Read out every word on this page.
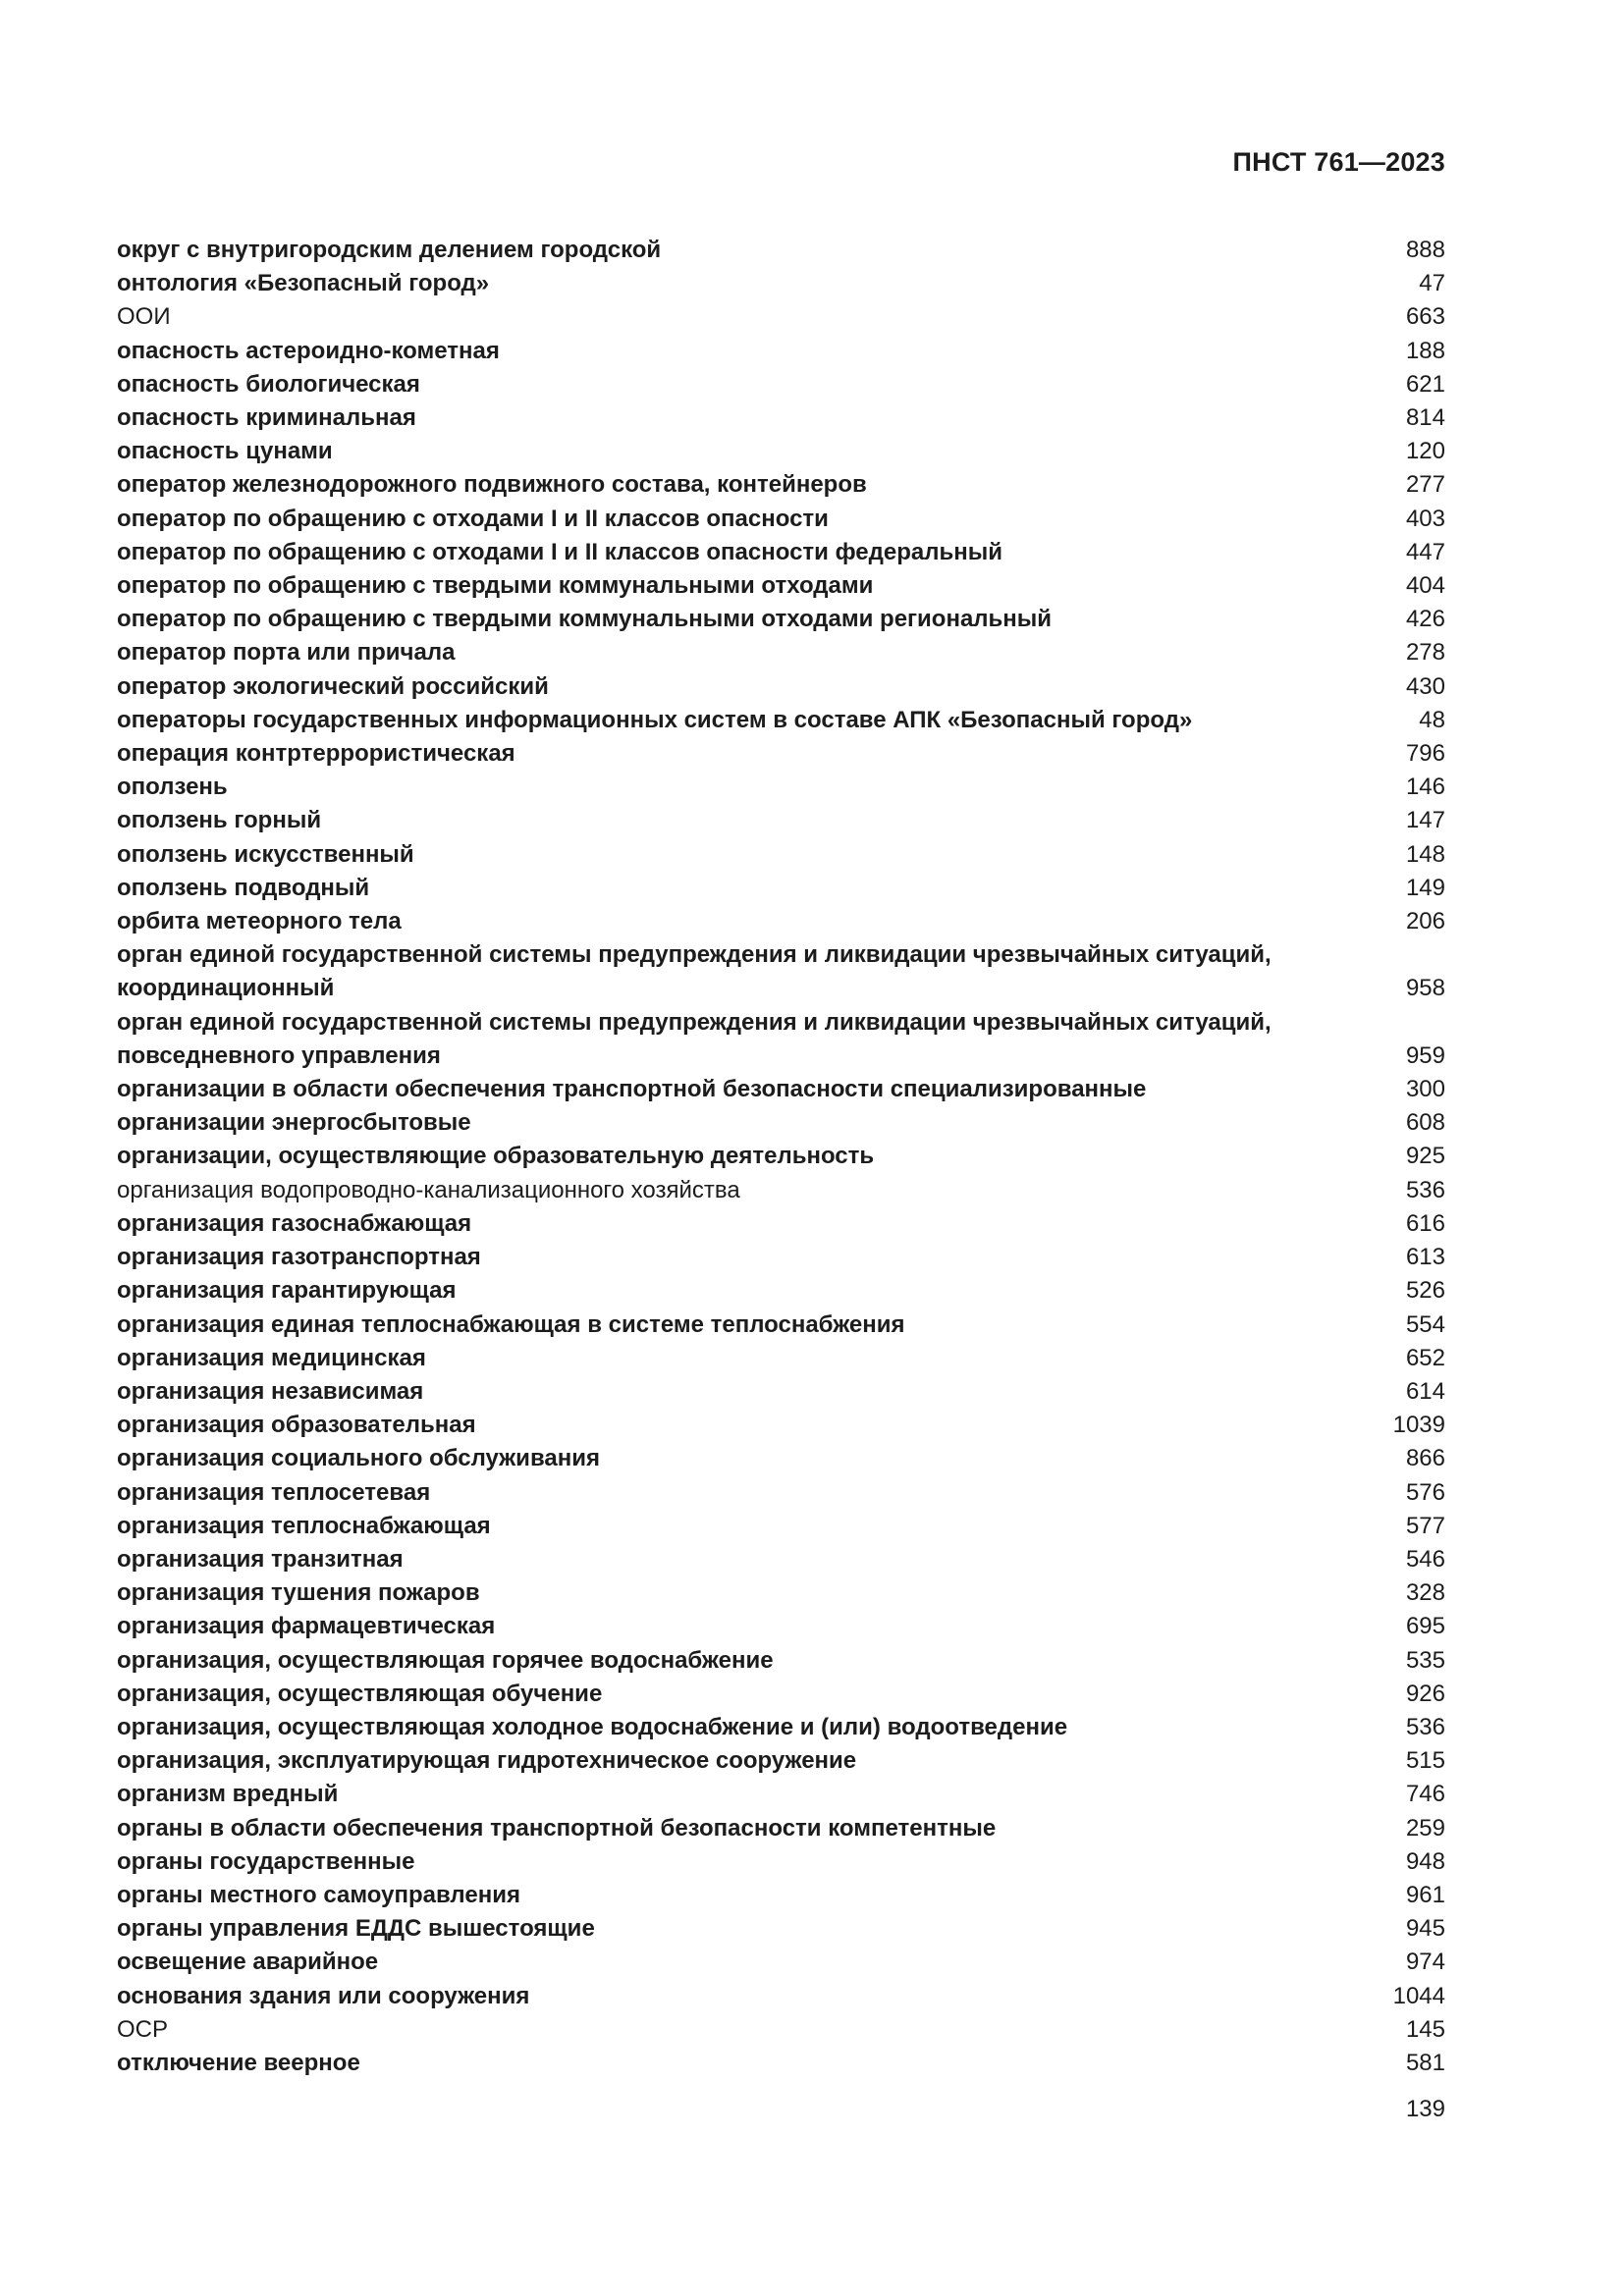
ПНСТ 761—2023
округ с внутригородским делением городской	888
онтология «Безопасный город»	47
ООИ	663
опасность астероидно-кометная	188
опасность биологическая	621
опасность криминальная	814
опасность цунами	120
оператор железнодорожного подвижного состава, контейнеров	277
оператор по обращению с отходами I и II классов опасности	403
оператор по обращению с отходами I и II классов опасности федеральный	447
оператор по обращению с твердыми коммунальными отходами	404
оператор по обращению с твердыми коммунальными отходами региональный	426
оператор порта или причала	278
оператор экологический российский	430
операторы государственных информационных систем в составе АПК «Безопасный город»	48
операция контртеррористическая	796
оползень	146
оползень горный	147
оползень искусственный	148
оползень подводный	149
орбита метеорного тела	206
орган единой государственной системы предупреждения и ликвидации чрезвычайных ситуаций, координационный	958
орган единой государственной системы предупреждения и ликвидации чрезвычайных ситуаций, повседневного управления	959
организации в области обеспечения транспортной безопасности специализированные	300
организации энергосбытовые	608
организации, осуществляющие образовательную деятельность	925
организация водопроводно-канализационного хозяйства	536
организация газоснабжающая	616
организация газотранспортная	613
организация гарантирующая	526
организация единая теплоснабжающая в системе теплоснабжения	554
организация медицинская	652
организация независимая	614
организация образовательная	1039
организация социального обслуживания	866
организация теплосетевая	576
организация теплоснабжающая	577
организация транзитная	546
организация тушения пожаров	328
организация фармацевтическая	695
организация, осуществляющая горячее водоснабжение	535
организация, осуществляющая обучение	926
организация, осуществляющая холодное водоснабжение и (или) водоотведение	536
организация, эксплуатирующая гидротехническое сооружение	515
организм вредный	746
органы в области обеспечения транспортной безопасности компетентные	259
органы государственные	948
органы местного самоуправления	961
органы управления ЕДДС вышестоящие	945
освещение аварийное	974
основания здания или сооружения	1044
ОСР	145
отключение веерное	581
139
